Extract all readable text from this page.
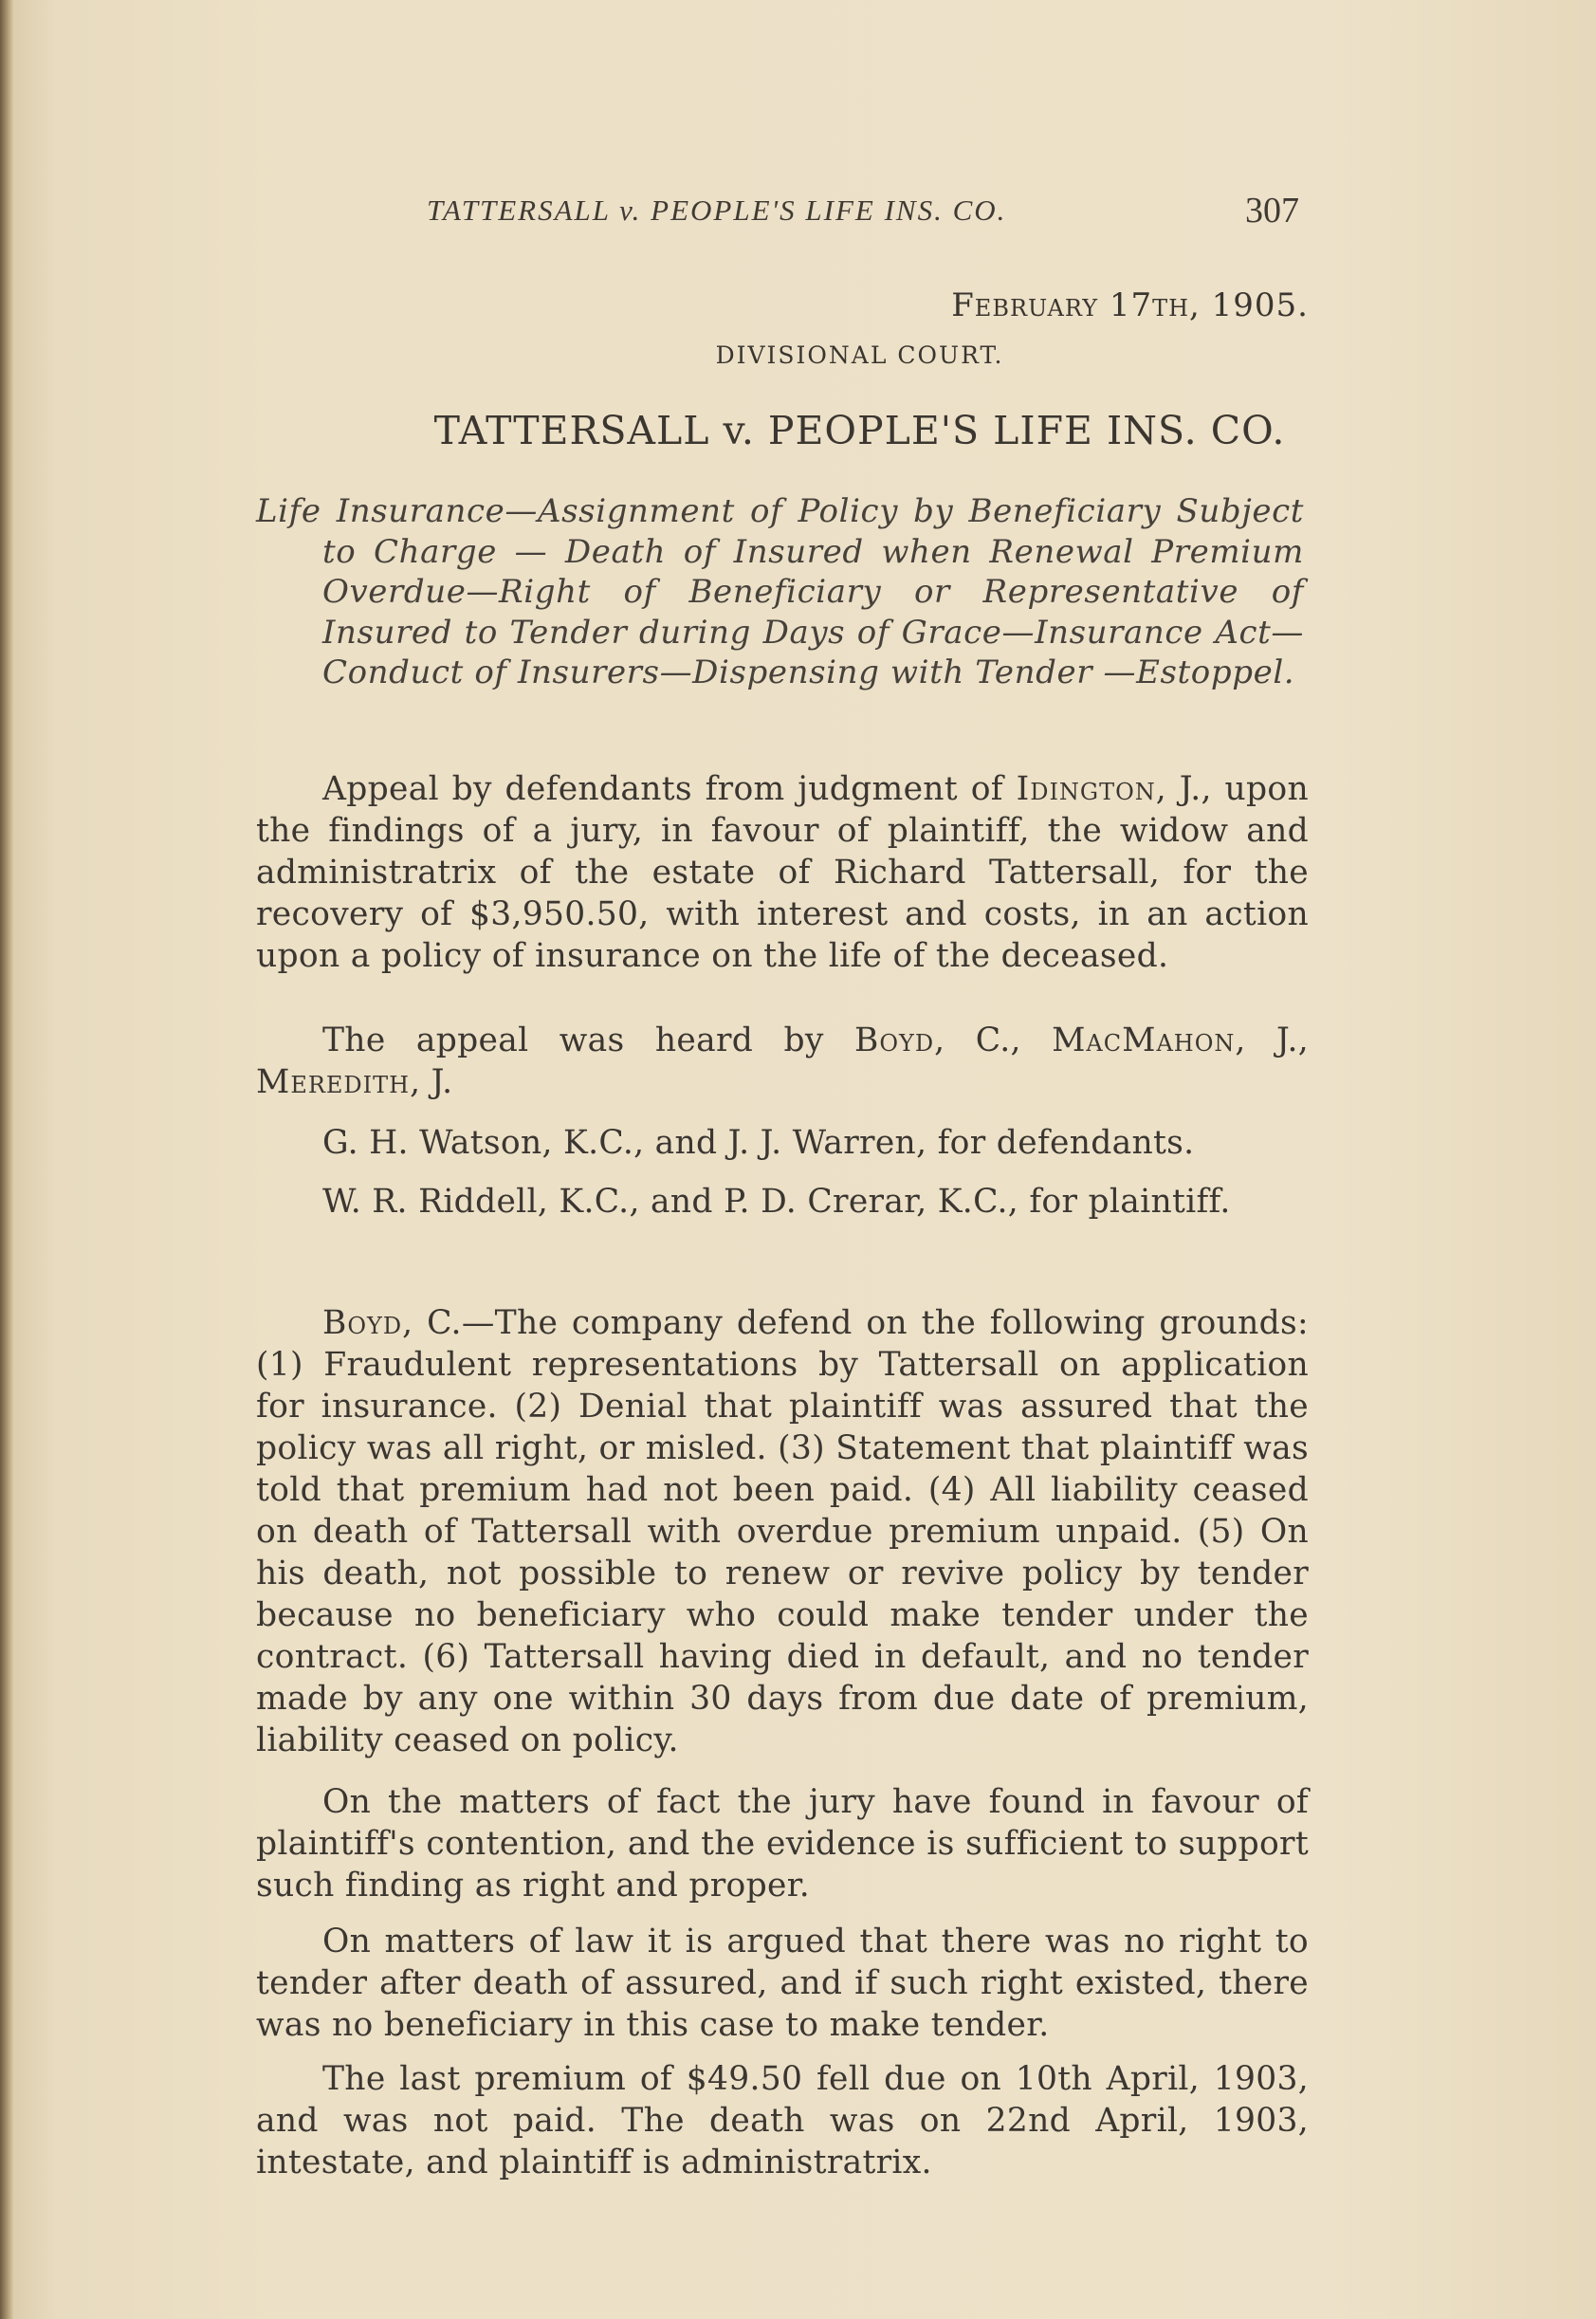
TATTERSALL v. PEOPLE'S LIFE INS. CO.	307
February 17th, 1905.
DIVISIONAL COURT.
TATTERSALL v. PEOPLE'S LIFE INS. CO.
Life Insurance—Assignment of Policy by Beneficiary Subject to Charge — Death of Insured when Renewal Premium Overdue—Right of Beneficiary or Representative of Insured to Tender during Days of Grace—Insurance Act—Conduct of Insurers—Dispensing with Tender —Estoppel.
Appeal by defendants from judgment of Idington, J., upon the findings of a jury, in favour of plaintiff, the widow and administratrix of the estate of Richard Tattersall, for the recovery of $3,950.50, with interest and costs, in an action upon a policy of insurance on the life of the deceased.
The appeal was heard by Boyd, C., MacMahon, J., Meredith, J.
G. H. Watson, K.C., and J. J. Warren, for defendants.
W. R. Riddell, K.C., and P. D. Crerar, K.C., for plaintiff.
Boyd, C.—The company defend on the following grounds: (1) Fraudulent representations by Tattersall on application for insurance. (2) Denial that plaintiff was assured that the policy was all right, or misled. (3) Statement that plaintiff was told that premium had not been paid. (4) All liability ceased on death of Tattersall with overdue premium unpaid. (5) On his death, not possible to renew or revive policy by tender because no beneficiary who could make tender under the contract. (6) Tattersall having died in default, and no tender made by any one within 30 days from due date of premium, liability ceased on policy.
On the matters of fact the jury have found in favour of plaintiff's contention, and the evidence is sufficient to support such finding as right and proper.
On matters of law it is argued that there was no right to tender after death of assured, and if such right existed, there was no beneficiary in this case to make tender.
The last premium of $49.50 fell due on 10th April, 1903, and was not paid. The death was on 22nd April, 1903, intestate, and plaintiff is administratrix.
